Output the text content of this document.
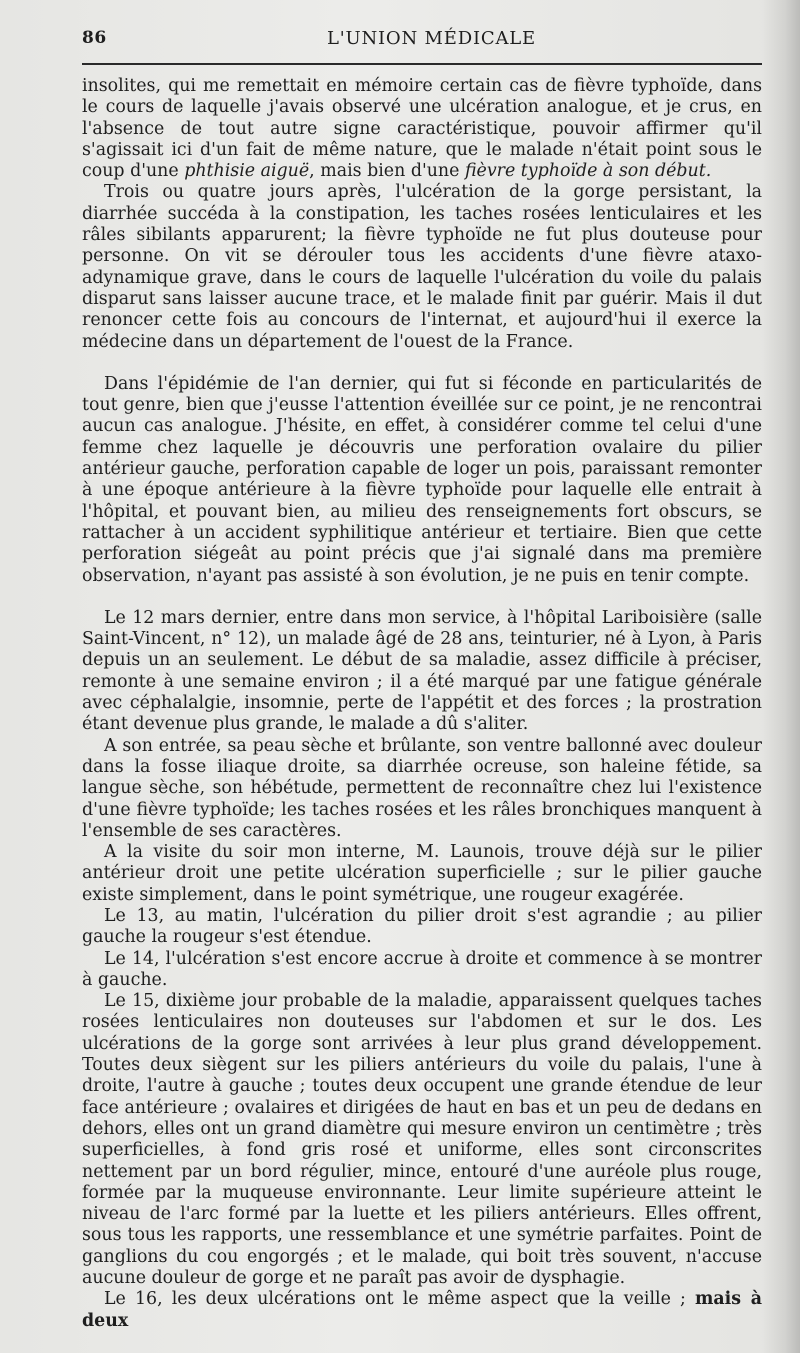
86	L'UNION MÉDICALE

insolites, qui me remettait en mémoire certain cas de fièvre typhoïde, dans le cours de laquelle j'avais observé une ulcération analogue, et je crus, en l'absence de tout autre signe caractéristique, pouvoir affirmer qu'il s'agissait ici d'un fait de même nature, que le malade n'était point sous le coup d'une phthisie aiguë, mais bien d'une fièvre typhoïde à son début.

Trois ou quatre jours après, l'ulcération de la gorge persistant, la diarrhée succéda à la constipation, les taches rosées lenticulaires et les râles sibilants apparurent; la fièvre typhoïde ne fut plus douteuse pour personne. On vit se dérouler tous les accidents d'une fièvre ataxo-adynamique grave, dans le cours de laquelle l'ulcération du voile du palais disparut sans laisser aucune trace, et le malade finit par guérir. Mais il dut renoncer cette fois au concours de l'internat, et aujourd'hui il exerce la médecine dans un département de l'ouest de la France.

Dans l'épidémie de l'an dernier, qui fut si féconde en particularités de tout genre, bien que j'eusse l'attention éveillée sur ce point, je ne rencontrai aucun cas analogue. J'hésite, en effet, à considérer comme tel celui d'une femme chez laquelle je découvris une perforation ovalaire du pilier antérieur gauche, perforation capable de loger un pois, paraissant remonter à une époque antérieure à la fièvre typhoïde pour laquelle elle entrait à l'hôpital, et pouvant bien, au milieu des renseignements fort obscurs, se rattacher à un accident syphilitique antérieur et tertiaire. Bien que cette perforation siégeât au point précis que j'ai signalé dans ma première observation, n'ayant pas assisté à son évolution, je ne puis en tenir compte.

Le 12 mars dernier, entre dans mon service, à l'hôpital Lariboisière (salle Saint-Vincent, n° 12), un malade âgé de 28 ans, teinturier, né à Lyon, à Paris depuis un an seulement. Le début de sa maladie, assez difficile à préciser, remonte à une semaine environ ; il a été marqué par une fatigue générale avec céphalalgie, insomnie, perte de l'appétit et des forces ; la prostration étant devenue plus grande, le malade a dû s'aliter.

A son entrée, sa peau sèche et brûlante, son ventre ballonné avec douleur dans la fosse iliaque droite, sa diarrhée ocreuse, son haleine fétide, sa langue sèche, son hébétude, permettent de reconnaître chez lui l'existence d'une fièvre typhoïde; les taches rosées et les râles bronchiques manquent à l'ensemble de ses caractères.

A la visite du soir mon interne, M. Launois, trouve déjà sur le pilier antérieur droit une petite ulcération superficielle ; sur le pilier gauche existe simplement, dans le point symétrique, une rougeur exagérée.

Le 13, au matin, l'ulcération du pilier droit s'est agrandie ; au pilier gauche la rougeur s'est étendue.

Le 14, l'ulcération s'est encore accrue à droite et commence à se montrer à gauche.

Le 15, dixième jour probable de la maladie, apparaissent quelques taches rosées lenticulaires non douteuses sur l'abdomen et sur le dos. Les ulcérations de la gorge sont arrivées à leur plus grand développement. Toutes deux siègent sur les piliers antérieurs du voile du palais, l'une à droite, l'autre à gauche ; toutes deux occupent une grande étendue de leur face antérieure ; ovalaires et dirigées de haut en bas et un peu de dedans en dehors, elles ont un grand diamètre qui mesure environ un centimètre ; très superficielles, à fond gris rosé et uniforme, elles sont circonscrites nettement par un bord régulier, mince, entouré d'une auréole plus rouge, formée par la muqueuse environnante. Leur limite supérieure atteint le niveau de l'arc formé par la luette et les piliers antérieurs. Elles offrent, sous tous les rapports, une ressemblance et une symétrie parfaites. Point de ganglions du cou engorgés ; et le malade, qui boit très souvent, n'accuse aucune douleur de gorge et ne paraît pas avoir de dysphagie.

Le 16, les deux ulcérations ont le même aspect que la veille ; mais à deux
